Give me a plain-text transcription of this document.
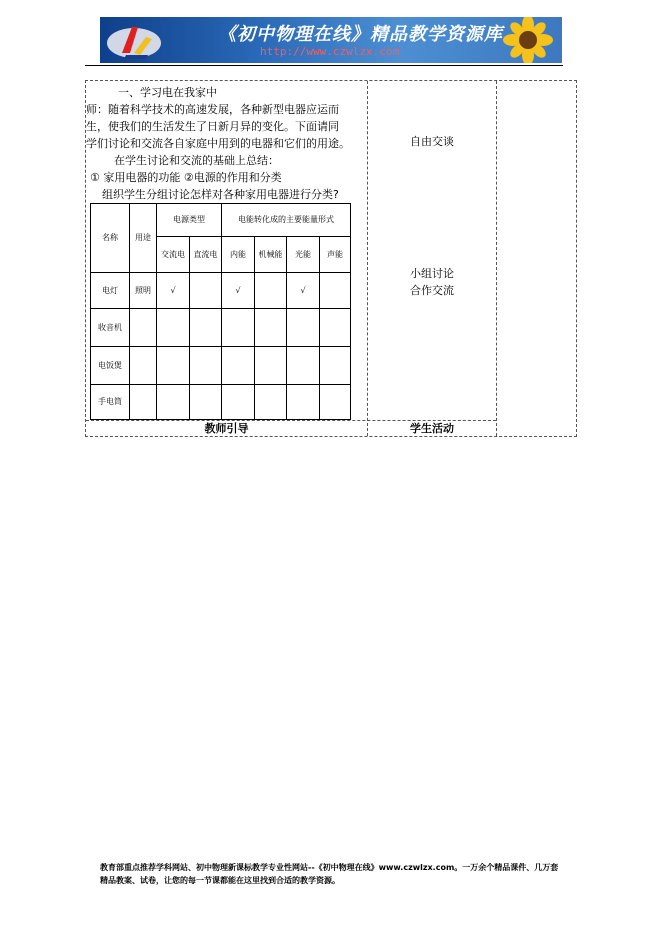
《初中物理在线》精品教学资源库
http://www.czwlzx.com
一、学习电在我家中
师：随着科学技术的高速发展，各种新型电器应运而
生，使我们的生活发生了日新月异的变化。下面请同
学们讨论和交流各自家庭中用到的电器和它们的用途。
在学生讨论和交流的基础上总结：
① 家用电器的功能 ②电源的作用和分类
组织学生分组讨论怎样对各种家用电器进行分类?
自由交谈
小组讨论
合作交流
名称	用途	电源类型		电能转化成的主要能量形式			
		交流电	直流电	内能	机械能	光能	声能
电灯	照明	√		√		√	
收音机							
电饭煲							
手电筒							
教师引导	学生活动
教育部重点推荐学科网站、初中物理新课标教学专业性网站--《初中物理在线》www.czwlzx.com。一万余个精品课件、几万套精品教案、试卷，让您的每一节课都能在这里找到合适的教学资源。
